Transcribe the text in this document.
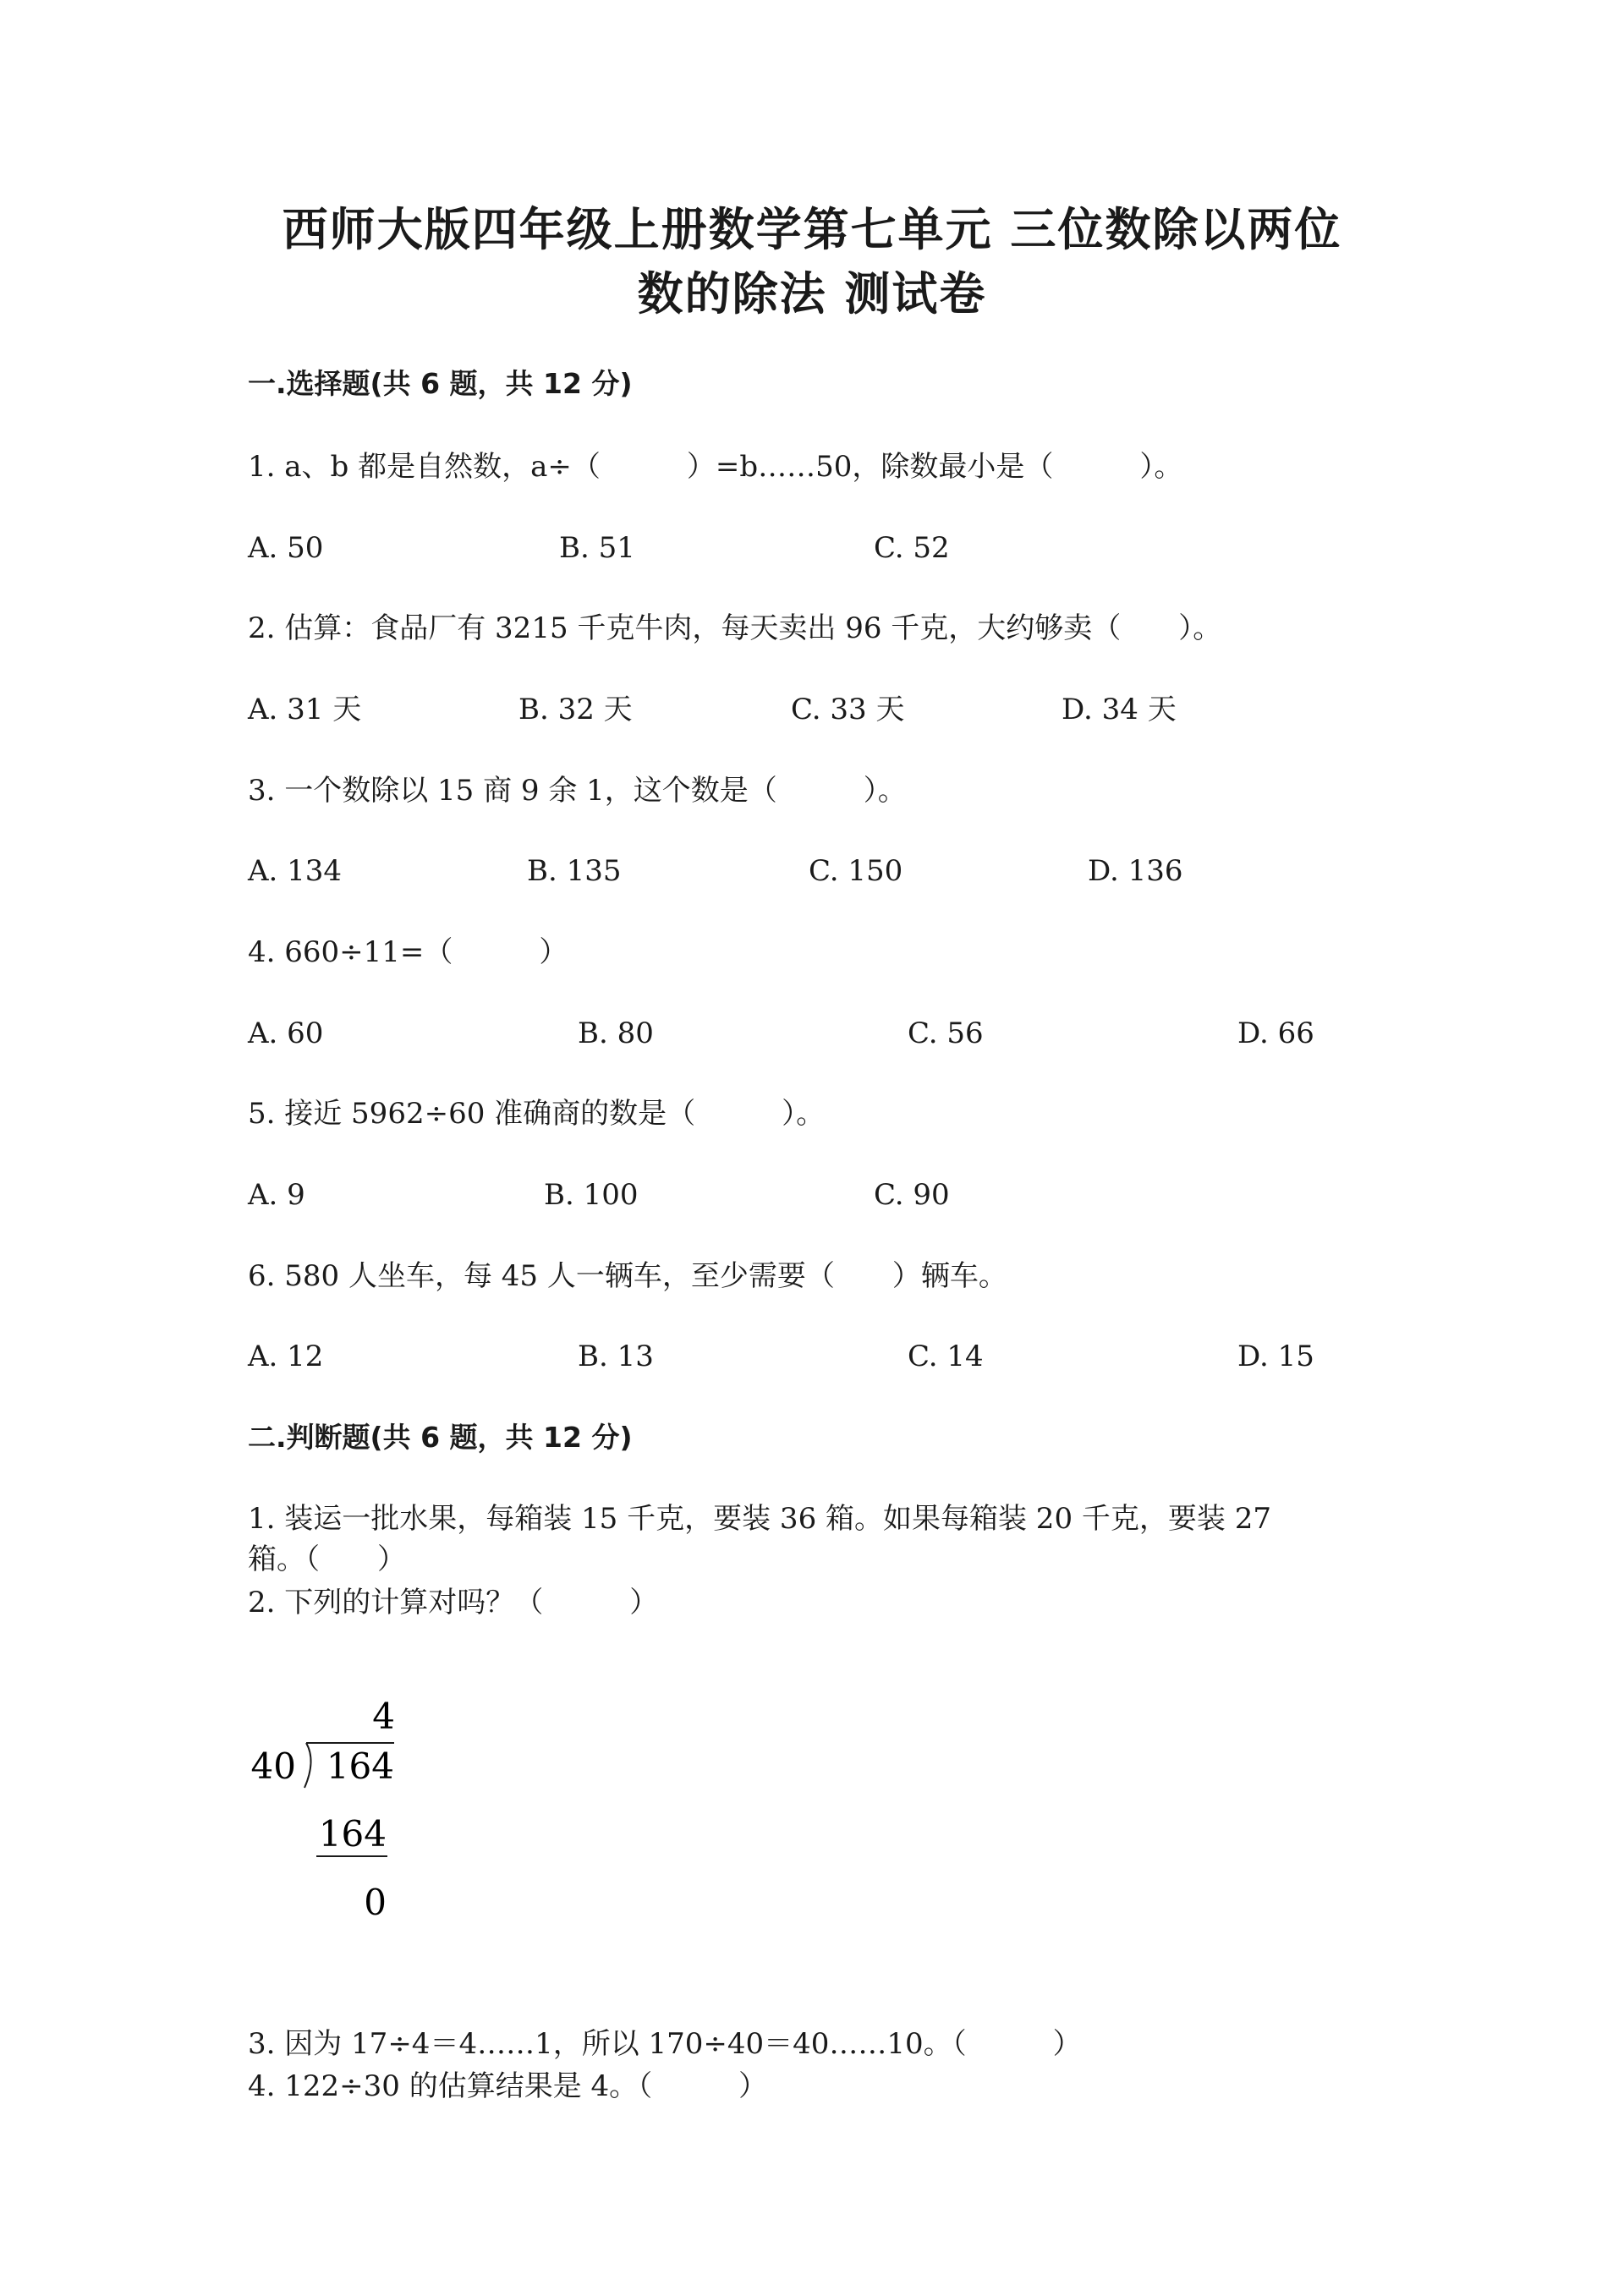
西师大版四年级上册数学第七单元 三位数除以两位
数的除法 测试卷
一.选择题(共 6 题，共 12 分)
1. a、b 都是自然数，a÷（　　　）=b……50，除数最小是（　　　）。
A. 50	B. 51	C. 52
2. 估算：食品厂有 3215 千克牛肉，每天卖出 96 千克，大约够卖（　　）。
A. 31 天	B. 32 天	C. 33 天	D. 34 天
3. 一个数除以 15 商 9 余 1，这个数是（　　　）。
A. 134	B. 135	C. 150	D. 136
4. 660÷11=（　　　）
A. 60	B. 80	C. 56	D. 66
5. 接近 5962÷60 准确商的数是（　　　）。
A. 9	B. 100	C. 90
6. 580 人坐车，每 45 人一辆车，至少需要（　　）辆车。
A. 12	B. 13	C. 14	D. 15
二.判断题(共 6 题，共 12 分)
1. 装运一批水果，每箱装 15 千克，要装 36 箱。如果每箱装 20 千克，要装 27
箱。（　　）
2. 下列的计算对吗？（　　　）
4
40 164
164
0
3. 因为 17÷4＝4……1，所以 170÷40＝40……10。（　　　）
4. 122÷30 的估算结果是 4。（　　　）
